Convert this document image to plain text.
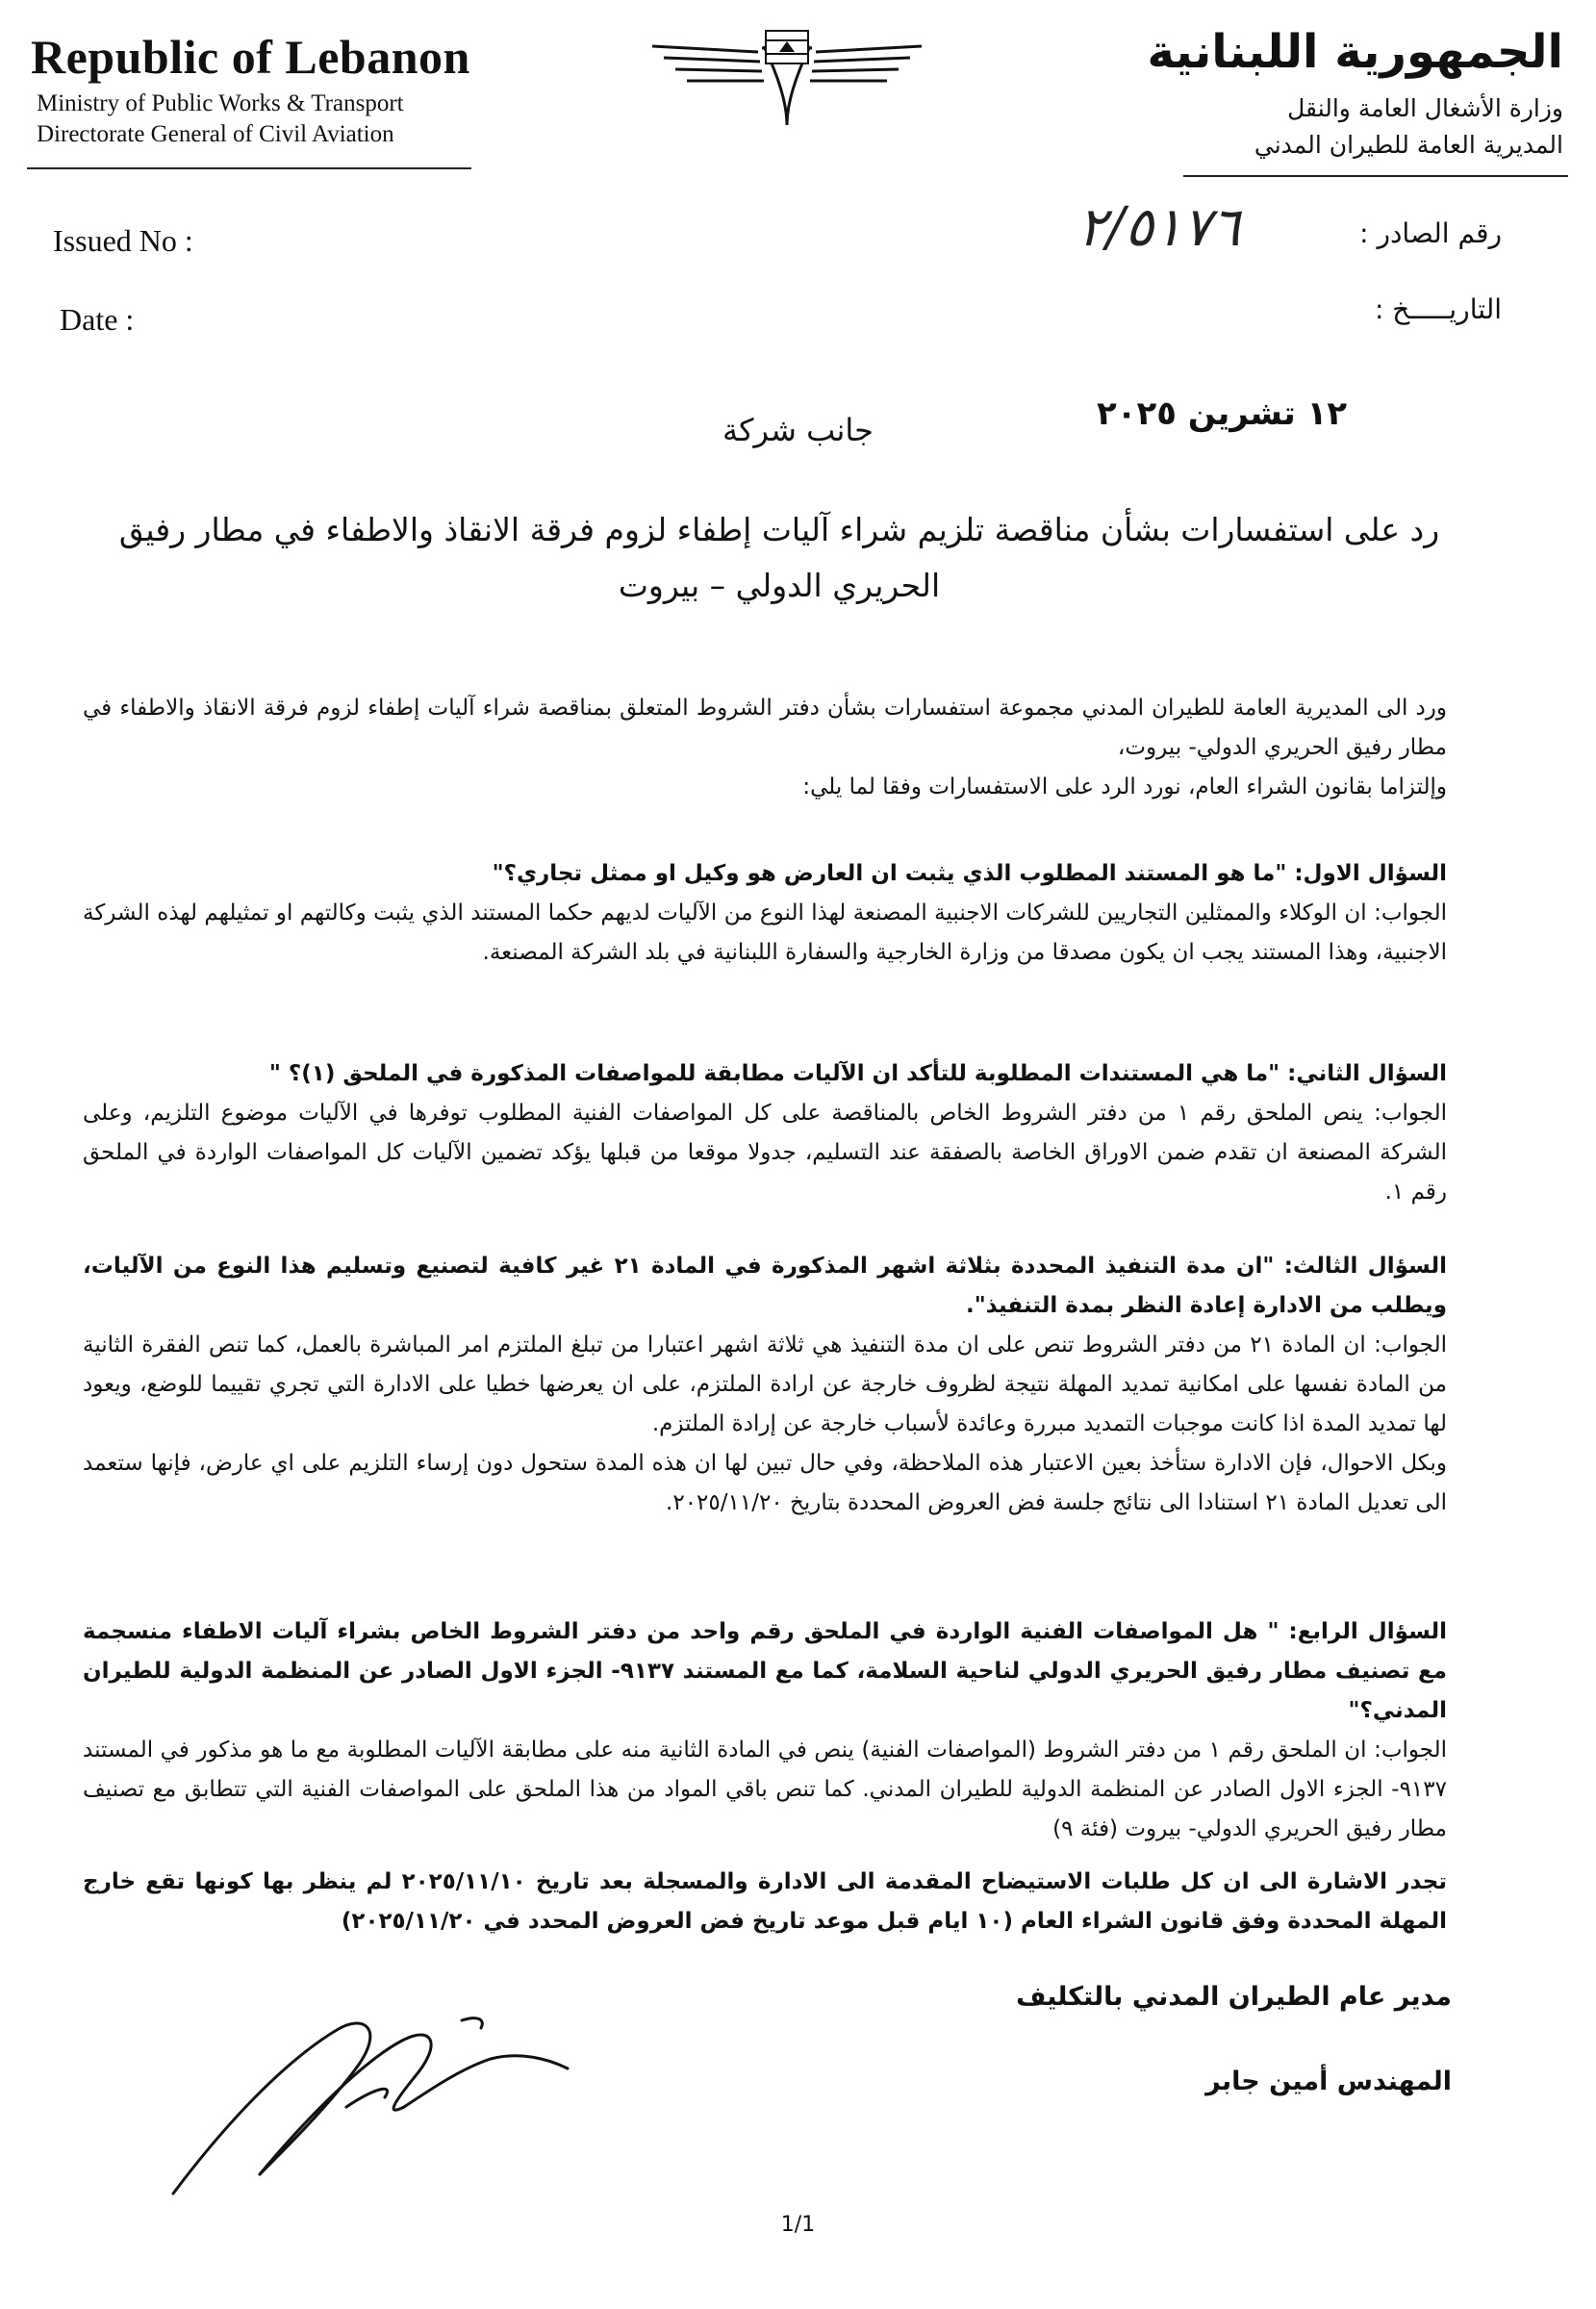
Republic of Lebanon
Ministry of Public Works & Transport
Directorate General of Civil Aviation
الجمهورية اللبنانية
وزارة الأشغال العامة والنقل
المديرية العامة للطيران المدني
Issued No :
Date :
رقم الصادر :
التاريـــــخ :
٢/٥١٧٦
١٢ تشرين ٢٠٢٥
جانب شركة
رد على استفسارات بشأن مناقصة تلزيم شراء آليات إطفاء لزوم فرقة الانقاذ والاطفاء في مطار رفيق الحريري الدولي – بيروت

ورد الى المديرية العامة للطيران المدني مجموعة استفسارات بشأن دفتر الشروط المتعلق بمناقصة شراء آليات إطفاء لزوم فرقة الانقاذ والاطفاء في مطار رفيق الحريري الدولي- بيروت،

وإلتزاما بقانون الشراء العام، نورد الرد على الاستفسارات وفقا لما يلي:

السؤال الاول: "ما هو المستند المطلوب الذي يثبت ان العارض هو وكيل او ممثل تجاري؟"

الجواب: ان الوكلاء والممثلين التجاريين للشركات الاجنبية المصنعة لهذا النوع من الآليات لديهم حكما المستند الذي يثبت وكالتهم او تمثيلهم لهذه الشركة الاجنبية، وهذا المستند يجب ان يكون مصدقا من وزارة الخارجية والسفارة اللبنانية في بلد الشركة المصنعة.

السؤال الثاني: "ما هي المستندات المطلوبة للتأكد ان الآليات مطابقة للمواصفات المذكورة في الملحق (١)؟ "

الجواب: ينص الملحق رقم ١ من دفتر الشروط الخاص بالمناقصة على كل المواصفات الفنية المطلوب توفرها في الآليات موضوع التلزيم، وعلى الشركة المصنعة ان تقدم ضمن الاوراق الخاصة بالصفقة عند التسليم، جدولا موقعا من قبلها يؤكد تضمين الآليات كل المواصفات الواردة في الملحق رقم ١.

السؤال الثالث: "ان مدة التنفيذ المحددة بثلاثة اشهر المذكورة في المادة ٢١ غير كافية لتصنيع وتسليم هذا النوع من الآليات، ويطلب من الادارة إعادة النظر بمدة التنفيذ".

الجواب: ان المادة ٢١ من دفتر الشروط تنص على ان مدة التنفيذ هي ثلاثة اشهر اعتبارا من تبلغ الملتزم امر المباشرة بالعمل، كما تنص الفقرة الثانية من المادة نفسها على امكانية تمديد المهلة نتيجة لظروف خارجة عن ارادة الملتزم، على ان يعرضها خطيا على الادارة التي تجري تقييما للوضع، ويعود لها تمديد المدة اذا كانت موجبات التمديد مبررة وعائدة لأسباب خارجة عن إرادة الملتزم.

وبكل الاحوال، فإن الادارة ستأخذ بعين الاعتبار هذه الملاحظة، وفي حال تبين لها ان هذه المدة ستحول دون إرساء التلزيم على اي عارض، فإنها ستعمد الى تعديل المادة ٢١ استنادا الى نتائج جلسة فض العروض المحددة بتاريخ ٢٠٢٥/١١/٢٠.

السؤال الرابع: " هل المواصفات الفنية الواردة في الملحق رقم واحد من دفتر الشروط الخاص بشراء آليات الاطفاء منسجمة مع تصنيف مطار رفيق الحريري الدولي لناحية السلامة، كما مع المستند ٩١٣٧- الجزء الاول الصادر عن المنظمة الدولية للطيران المدني؟"

الجواب: ان الملحق رقم ١ من دفتر الشروط (المواصفات الفنية) ينص في المادة الثانية منه على مطابقة الآليات المطلوبة مع ما هو مذكور في المستند ٩١٣٧- الجزء الاول الصادر عن المنظمة الدولية للطيران المدني. كما تنص باقي المواد من هذا الملحق على المواصفات الفنية التي تتطابق مع تصنيف مطار رفيق الحريري الدولي- بيروت (فئة ٩)

تجدر الاشارة الى ان كل طلبات الاستيضاح المقدمة الى الادارة والمسجلة بعد تاريخ ٢٠٢٥/١١/١٠ لم ينظر بها كونها تقع خارج المهلة المحددة وفق قانون الشراء العام (١٠ ايام قبل موعد تاريخ فض العروض المحدد في ٢٠٢٥/١١/٢٠)

مدير عام الطيران المدني بالتكليف
المهندس أمين جابر
1/1
